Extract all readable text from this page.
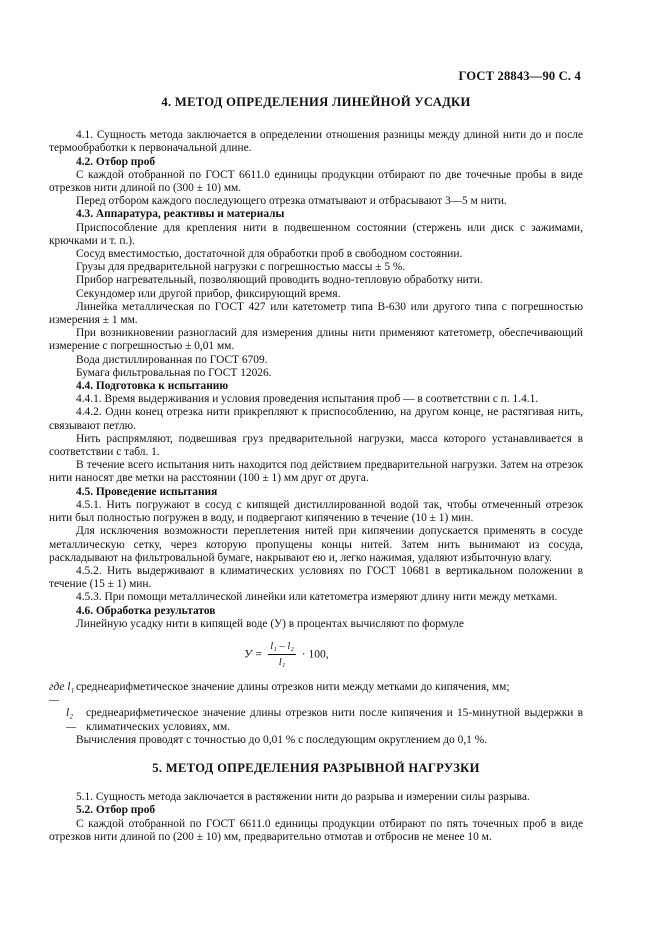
ГОСТ 28843—90 С. 4
4. МЕТОД ОПРЕДЕЛЕНИЯ ЛИНЕЙНОЙ УСАДКИ

4.1. Сущность метода заключается в определении отношения разницы между длиной нити до и после термообработки к первоначальной длине.

4.2. Отбор проб

С каждой отобранной по ГОСТ 6611.0 единицы продукции отбирают по две точечные пробы в виде отрезков нити длиной по (300 ± 10) мм.

Перед отбором каждого последующего отрезка отматывают и отбрасывают 3—5 м нити.

4.3. Аппаратура, реактивы и материалы

Приспособление для крепления нити в подвешенном состоянии (стержень или диск с зажимами, крючками и т. п.).

Сосуд вместимостью, достаточной для обработки проб в свободном состоянии.

Грузы для предварительной нагрузки с погрешностью массы ± 5 %.

Прибор нагревательный, позволяющий проводить водно-тепловую обработку нити.

Секундомер или другой прибор, фиксирующий время.

Линейка металлическая по ГОСТ 427 или катетометр типа В-630 или другого типа с погрешностью измерения ± 1 мм.

При возникновении разногласий для измерения длины нити применяют катетометр, обеспечивающий измерение с погрешностью ± 0,01 мм.

Вода дистиллированная по ГОСТ 6709.

Бумага фильтровальная по ГОСТ 12026.

4.4. Подготовка к испытанию

4.4.1. Время выдерживания и условия проведения испытания проб — в соответствии с п. 1.4.1.

4.4.2. Один конец отрезка нити прикрепляют к приспособлению, на другом конце, не растягивая нить, связывают петлю.

Нить распрямляют, подвешивая груз предварительной нагрузки, масса которого устанавливается в соответствии с табл. 1.

В течение всего испытания нить находится под действием предварительной нагрузки. Затем на отрезок нити наносят две метки на расстоянии (100 ± 1) мм друг от друга.

4.5. Проведение испытания

4.5.1. Нить погружают в сосуд с кипящей дистиллированной водой так, чтобы отмеченный отрезок нити был полностью погружен в воду, и подвергают кипячению в течение (10 ± 1) мин.

Для исключения возможности переплетения нитей при кипячении допускается применять в сосуде металлическую сетку, через которую пропущены концы нитей. Затем нить вынимают из сосуда, раскладывают на фильтровальной бумаге, накрывают ею и, легко нажимая, удаляют избыточную влагу.

4.5.2. Нить выдерживают в климатических условиях по ГОСТ 10681 в вертикальном положении в течение (15 ± 1) мин.

4.5.3. При помощи металлической линейки или катетометра измеряют длину нити между метками.

4.6. Обработка результатов

Линейную усадку нити в кипящей воде (У) в процентах вычисляют по формуле

$У = \frac{\text{l₁ – l₂}}{\text{l₁}} \cdot 100$,
где l₁ —
среднеарифметическое значение длины отрезков нити между метками до кипячения, мм;
l₂ —
среднеарифметическое значение длины отрезков нити после кипячения и 15-минутной выдержки в климатических условиях, мм.

Вычисления проводят с точностью до 0,01 % с последующим округлением до 0,1 %.

5. МЕТОД ОПРЕДЕЛЕНИЯ РАЗРЫВНОЙ НАГРУЗКИ

5.1. Сущность метода заключается в растяжении нити до разрыва и измерении силы разрыва.

5.2. Отбор проб

С каждой отобранной по ГОСТ 6611.0 единицы продукции отбирают по пять точечных проб в виде отрезков нити длиной по (200 ± 10) мм, предварительно отмотав и отбросив не менее 10 м.
